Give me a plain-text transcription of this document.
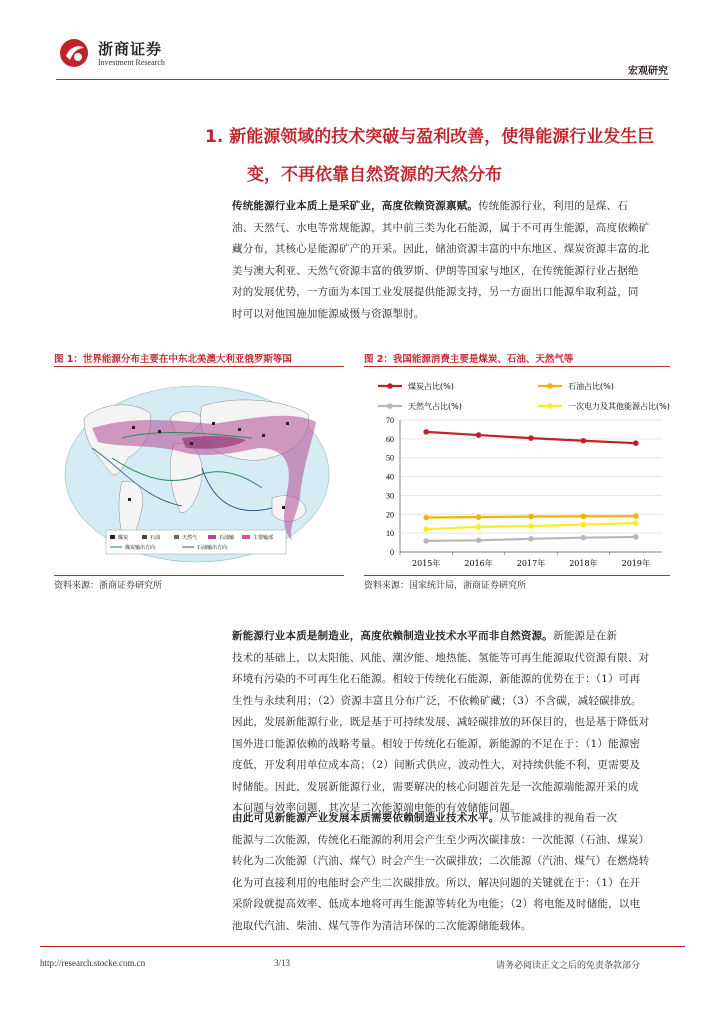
浙商证券
Investment Research
宏观研究
1. 新能源领域的技术突破与盈利改善，使得能源行业发生巨
变，不再依靠自然资源的天然分布
传统能源行业本质上是采矿业，高度依赖资源禀赋。传统能源行业，利用的是煤、石
油、天然气、水电等常规能源，其中前三类为化石能源，属于不可再生能源，高度依赖矿
藏分布，其核心是能源矿产的开采。因此，储油资源丰富的中东地区、煤炭资源丰富的北
美与澳大利亚、天然气资源丰富的俄罗斯、伊朗等国家与地区，在传统能源行业占据绝
对的发展优势，一方面为本国工业发展提供能源支持，另一方面出口能源牟取利益，同
时可以对他国施加能源威慑与资源掣肘。
图 1：世界能源分布主要在中东北美澳大利亚俄罗斯等国	图 2：我国能源消费主要是煤炭、石油、天然气等
煤炭	石油	天然气	石油输	主要输部
煤炭输出方向	石油输出方向
资料来源：浙商证券研究所
煤炭占比(%)	石油占比(%)
天然气占比(%)	一次电力及其他能源占比(%)
0
10
20
30
40
50
60
70
2015年	2016年	2017年	2018年	2019年
资料来源：国家统计局，浙商证券研究所
新能源行业本质是制造业，高度依赖制造业技术水平而非自然资源。新能源是在新
技术的基础上，以太阳能、风能、潮汐能、地热能、氢能等可再生能源取代资源有限、对
环境有污染的不可再生化石能源。相较于传统化石能源，新能源的优势在于：（1）可再
生性与永续利用；（2）资源丰富且分布广泛，不依赖矿藏；（3）不含碳，减轻碳排放。
因此，发展新能源行业，既是基于可持续发展、减轻碳排放的环保目的，也是基于降低对
国外进口能源依赖的战略考量。相较于传统化石能源，新能源的不足在于：（1）能源密
度低，开发利用单位成本高；（2）间断式供应，波动性大，对持续供能不利，更需要及
时储能。因此，发展新能源行业，需要解决的核心问题首先是一次能源端能源开采的成
本问题与效率问题，其次是二次能源端电能的有效储能问题。
由此可见新能源产业发展本质需要依赖制造业技术水平。从节能减排的视角看一次
能源与二次能源，传统化石能源的利用会产生至少两次碳排放：一次能源（石油、煤炭）
转化为二次能源（汽油、煤气）时会产生一次碳排放；二次能源（汽油、煤气）在燃烧转
化为可直接利用的电能时会产生二次碳排放。所以，解决问题的关键就在于：（1）在开
采阶段就提高效率、低成本地将可再生能源等转化为电能；（2）将电能及时储能，以电
池取代汽油、柴油、煤气等作为清洁环保的二次能源储能载体。
http://research.stocke.com.cn	3/13	请务必阅读正文之后的免责条款部分
